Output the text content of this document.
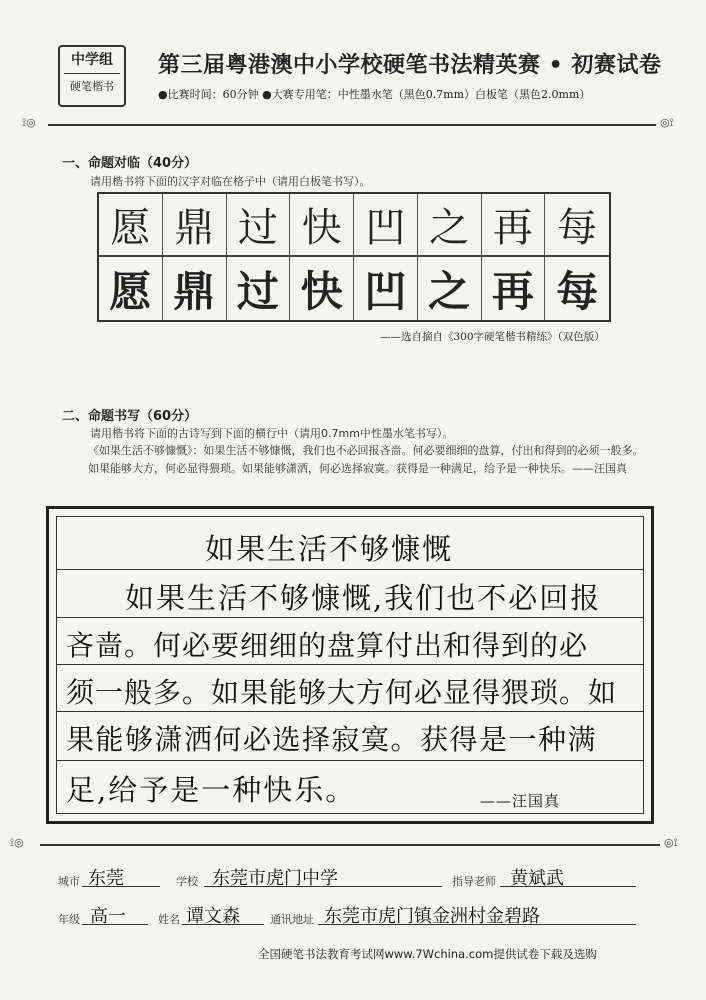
中学组
硬笔楷书
第三届粤港澳中小学校硬笔书法精英赛 • 初赛试卷
●比赛时间：60分钟 ●大赛专用笔：中性墨水笔（黑色0.7mm）白板笔（黑色2.0mm）
⟟◎	◎⟟
一、命题对临（40分）
请用楷书将下面的汉字对临在格子中（请用白板笔书写）。
愿 鼎 过 快 凹 之 再 每
愿 鼎 过 快 凹 之 再 每
——选自摘自《300字硬笔楷书精练》（双色版）
二、命题书写（60分）
请用楷书将下面的古诗写到下面的横行中（请用0.7mm中性墨水笔书写）。
《如果生活不够慷慨》：如果生活不够慷慨，我们也不必回报吝啬。何必要细细的盘算，付出和得到的必须一般多。如果能够大方，何必显得猥琐。如果能够潇洒，何必选择寂寞。获得是一种满足，给予是一种快乐。——汪国真
如果生活不够慷慨
如果生活不够慷慨,我们也不必回报
吝啬。何必要细细的盘算付出和得到的必
须一般多。如果能够大方何必显得猥琐。如
果能够潇洒何必选择寂寞。获得是一种满
足,给予是一种快乐。	——汪国真
⟟◎	◎⟟
城市 东莞	学校 东莞市虎门中学	指导老师 黄斌武
年级 高一	姓名 谭文森	通讯地址 东莞市虎门镇金洲村金碧路
全国硬笔书法教育考试网www.7Wchina.com提供试卷下载及选购
